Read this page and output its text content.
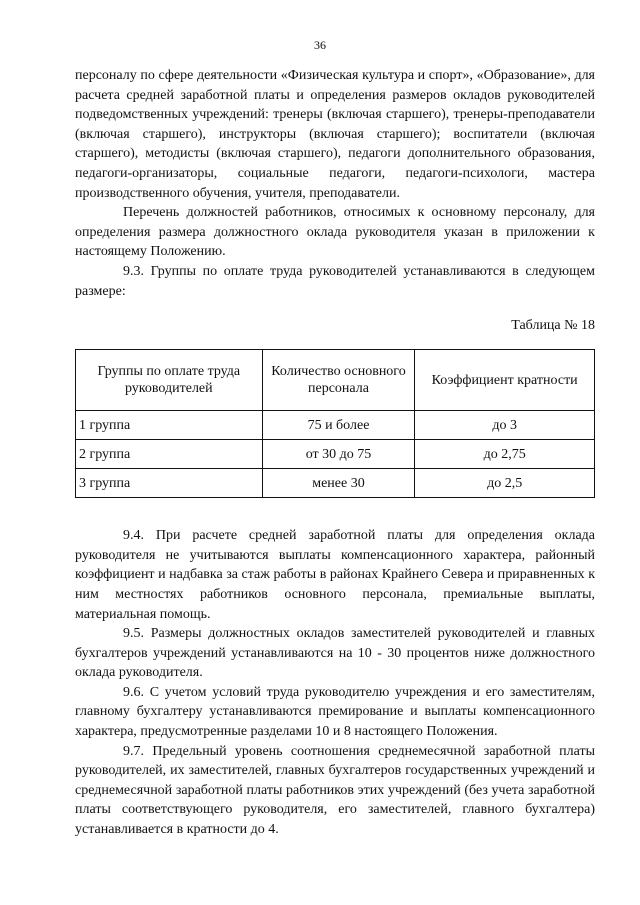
36

персоналу по сфере деятельности «Физическая культура и спорт», «Образование», для расчета средней заработной платы и определения размеров окладов руководителей подведомственных учреждений: тренеры (включая старшего), тренеры-преподаватели (включая старшего), инструкторы (включая старшего); воспитатели (включая старшего), методисты (включая старшего), педагоги дополнительного образования, педагоги-организаторы, социальные педагоги, педагоги-психологи, мастера производственного обучения, учителя, преподаватели.

Перечень должностей работников, относимых к основному персоналу, для определения размера должностного оклада руководителя указан в приложении к настоящему Положению.

9.3. Группы по оплате труда руководителей устанавливаются в следующем размере:

Таблица № 18
Группы по оплате труда руководителей	Количество основного персонала	Коэффициент кратности
1 группа	75 и более	до 3
2 группа	от 30 до 75	до 2,75
3 группа	менее 30	до 2,5

9.4. При расчете средней заработной платы для определения оклада руководителя не учитываются выплаты компенсационного характера, районный коэффициент и надбавка за стаж работы в районах Крайнего Севера и приравненных к ним местностях работников основного персонала, премиальные выплаты, материальная помощь.

9.5. Размеры должностных окладов заместителей руководителей и главных бухгалтеров учреждений устанавливаются на 10 - 30 процентов ниже должностного оклада руководителя.

9.6. С учетом условий труда руководителю учреждения и его заместителям, главному бухгалтеру устанавливаются премирование и выплаты компенсационного характера, предусмотренные разделами 10 и 8 настоящего Положения.

9.7. Предельный уровень соотношения среднемесячной заработной платы руководителей, их заместителей, главных бухгалтеров государственных учреждений и среднемесячной заработной платы работников этих учреждений (без учета заработной платы соответствующего руководителя, его заместителей, главного бухгалтера) устанавливается в кратности до 4.
